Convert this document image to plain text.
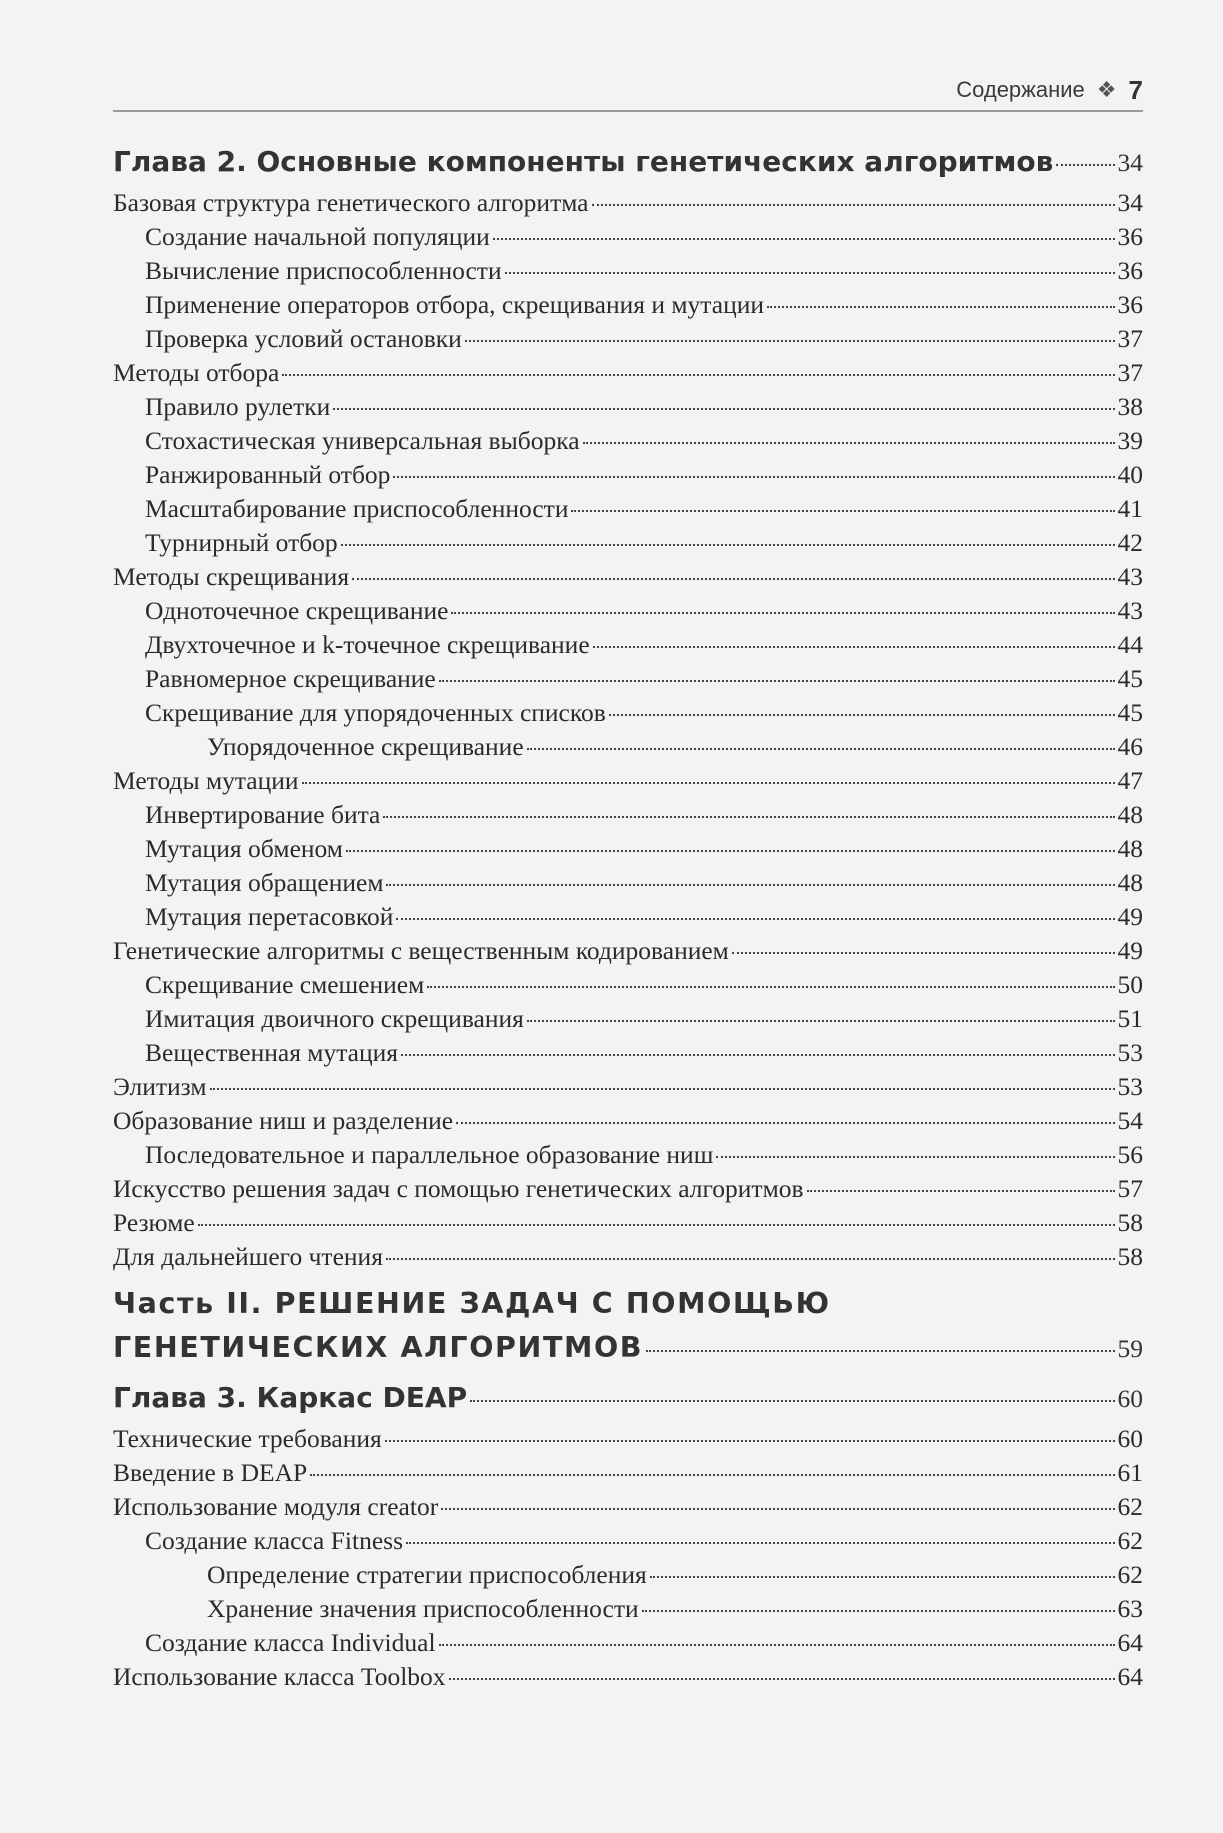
Содержание ❖ 7
Глава 2. Основные компоненты генетических алгоритмов	34
Базовая структура генетического алгоритма	34
Создание начальной популяции	36
Вычисление приспособленности	36
Применение операторов отбора, скрещивания и мутации	36
Проверка условий остановки	37
Методы отбора	37
Правило рулетки	38
Стохастическая универсальная выборка	39
Ранжированный отбор	40
Масштабирование приспособленности	41
Турнирный отбор	42
Методы скрещивания	43
Одноточечное скрещивание	43
Двухточечное и k-точечное скрещивание	44
Равномерное скрещивание	45
Скрещивание для упорядоченных списков	45
Упорядоченное скрещивание	46
Методы мутации	47
Инвертирование бита	48
Мутация обменом	48
Мутация обращением	48
Мутация перетасовкой	49
Генетические алгоритмы с вещественным кодированием	49
Скрещивание смешением	50
Имитация двоичного скрещивания	51
Вещественная мутация	53
Элитизм	53
Образование ниш и разделение	54
Последовательное и параллельное образование ниш	56
Искусство решения задач с помощью генетических алгоритмов	57
Резюме	58
Для дальнейшего чтения	58
Часть II. РЕШЕНИЕ ЗАДАЧ С ПОМОЩЬЮ
ГЕНЕТИЧЕСКИХ АЛГОРИТМОВ	59
Глава 3. Каркас DEAP	60
Технические требования	60
Введение в DEAP	61
Использование модуля creator	62
Создание класса Fitness	62
Определение стратегии приспособления	62
Хранение значения приспособленности	63
Создание класса Individual	64
Использование класса Toolbox	64
